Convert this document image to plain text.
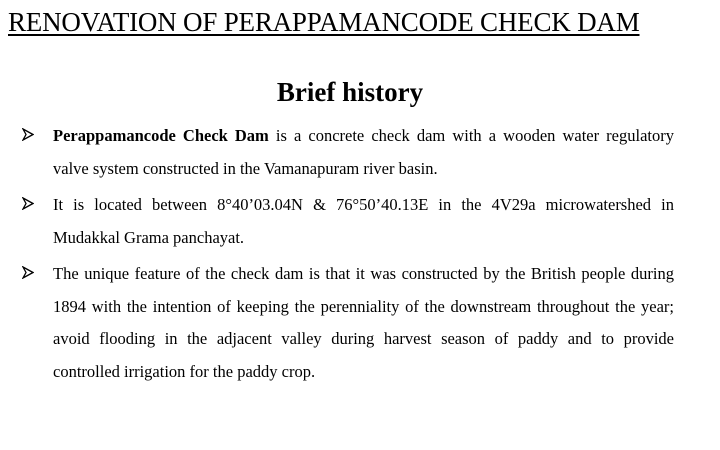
RENOVATION OF PERAPPAMANCODE CHECK DAM
Brief history
Perappamancode Check Dam is a concrete check dam with a wooden water regulatory valve system constructed in the Vamanapuram river basin.
It is located between 8°40’03.04N & 76°50’40.13E in the 4V29a microwatershed in Mudakkal Grama panchayat.
The unique feature of the check dam is that it was constructed by the British people during 1894 with the intention of keeping the perenniality of the downstream throughout the year; avoid flooding in the adjacent valley during harvest season of paddy and to provide controlled irrigation for the paddy crop.
